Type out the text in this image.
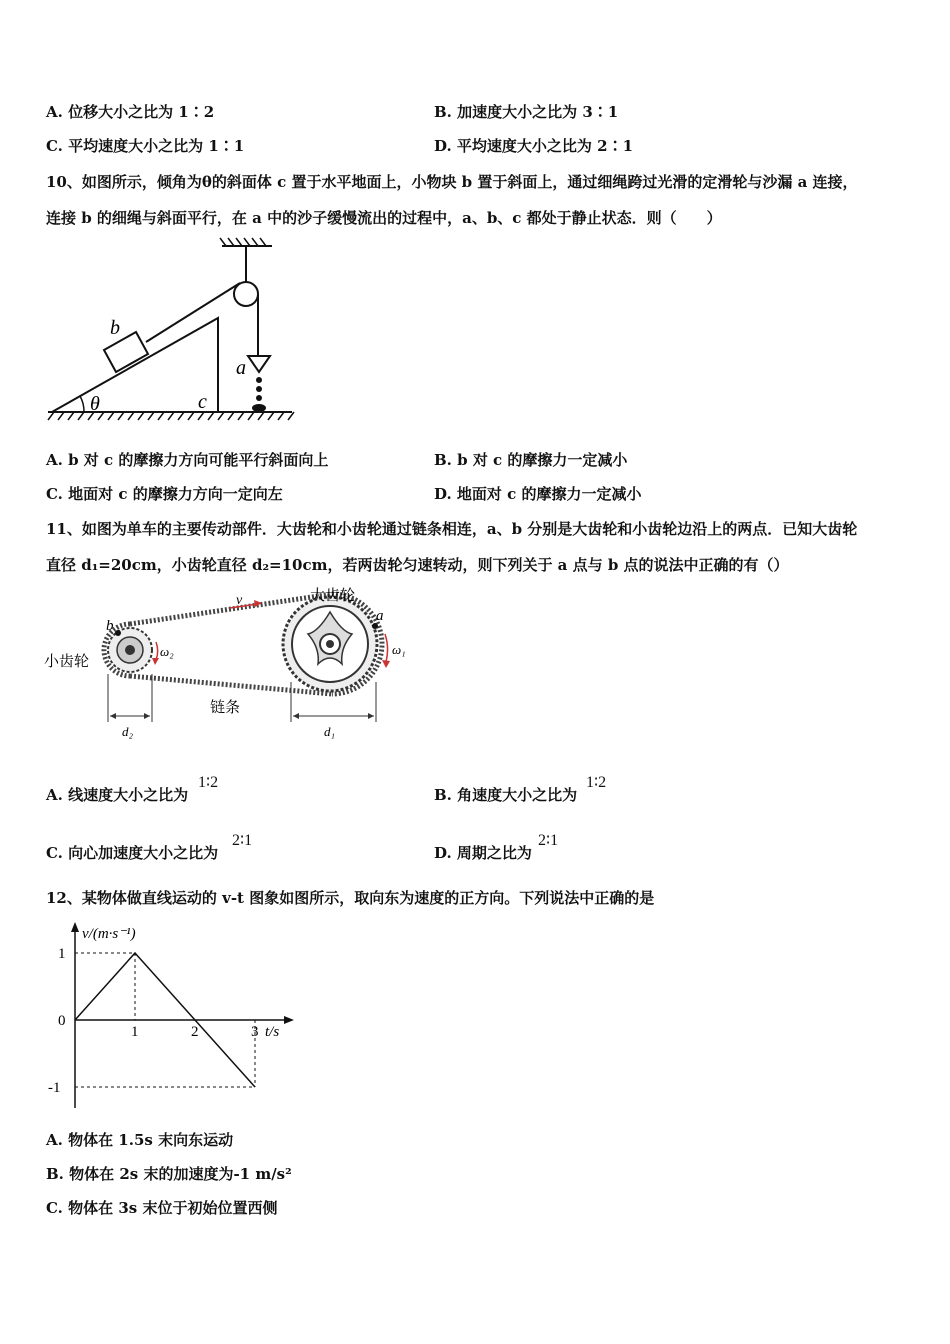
A. 位移大小之比为 1∶2	B. 加速度大小之比为 3∶1
C. 平均速度大小之比为 1∶1	D. 平均速度大小之比为 2∶1
10、如图所示，倾角为θ的斜面体 c 置于水平地面上，小物块 b 置于斜面上，通过细绳跨过光滑的定滑轮与沙漏 a 连接，
连接 b 的细绳与斜面平行，在 a 中的沙子缓慢流出的过程中，a、b、c 都处于静止状态．则（　　）
b
a
c
θ
A. b 对 c 的摩擦力方向可能平行斜面向上	B. b 对 c 的摩擦力一定减小
C. 地面对 c 的摩擦力方向一定向左	D. 地面对 c 的摩擦力一定减小
11、如图为单车的主要传动部件．大齿轮和小齿轮通过链条相连，a、b 分别是大齿轮和小齿轮边沿上的两点．已知大齿轮
直径 d₁=20cm，小齿轮直径 d₂=10cm，若两齿轮匀速转动，则下列关于 a 点与 b 点的说法中正确的有（）
大齿轮
小齿轮
链条
v
a
b
ω₁
ω₂
d₂	d₁
A. 线速度大小之比为
1∶2
B. 角速度大小之比为
1∶2
C. 向心加速度大小之比为
2∶1
D. 周期之比为
2∶1
12、某物体做直线运动的 v-t 图象如图所示，取向东为速度的正方向。下列说法中正确的是
v/(m·s⁻¹)
t/s
1	2	3
1
0
-1
A. 物体在 1.5s 末向东运动
B. 物体在 2s 末的加速度为-1 m/s²
C. 物体在 3s 末位于初始位置西侧
